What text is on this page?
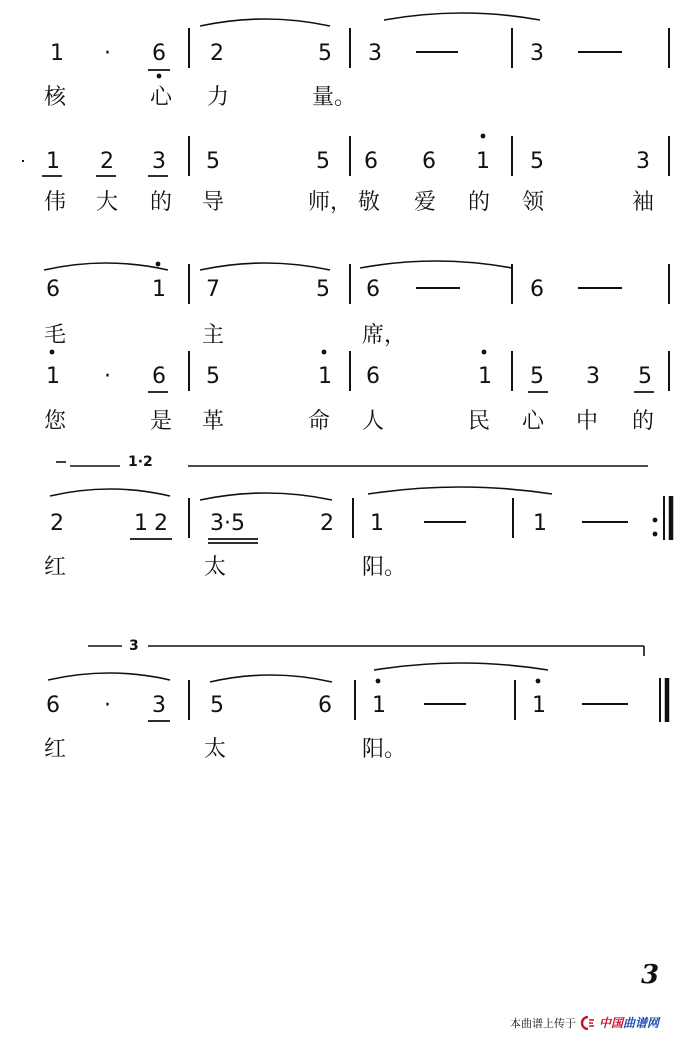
1 · 6 2	5 3	3
核	心 力	量。
1 2 3 5	5 6 6 1 5	3
伟 大 的 导	师， 敬 爱 的 领	袖
6	1 7	5 6	6
毛	主	席，
1 · 6 5	1 6	1 5 3 5
您	是 革	命 人	民 心 中 的
1·2
2	1 2 3·5	2 1	1
红	太	阳。
3
6 · 3 5	6 1	1
红	太	阳。
3
本曲谱上传于 中国曲谱网
